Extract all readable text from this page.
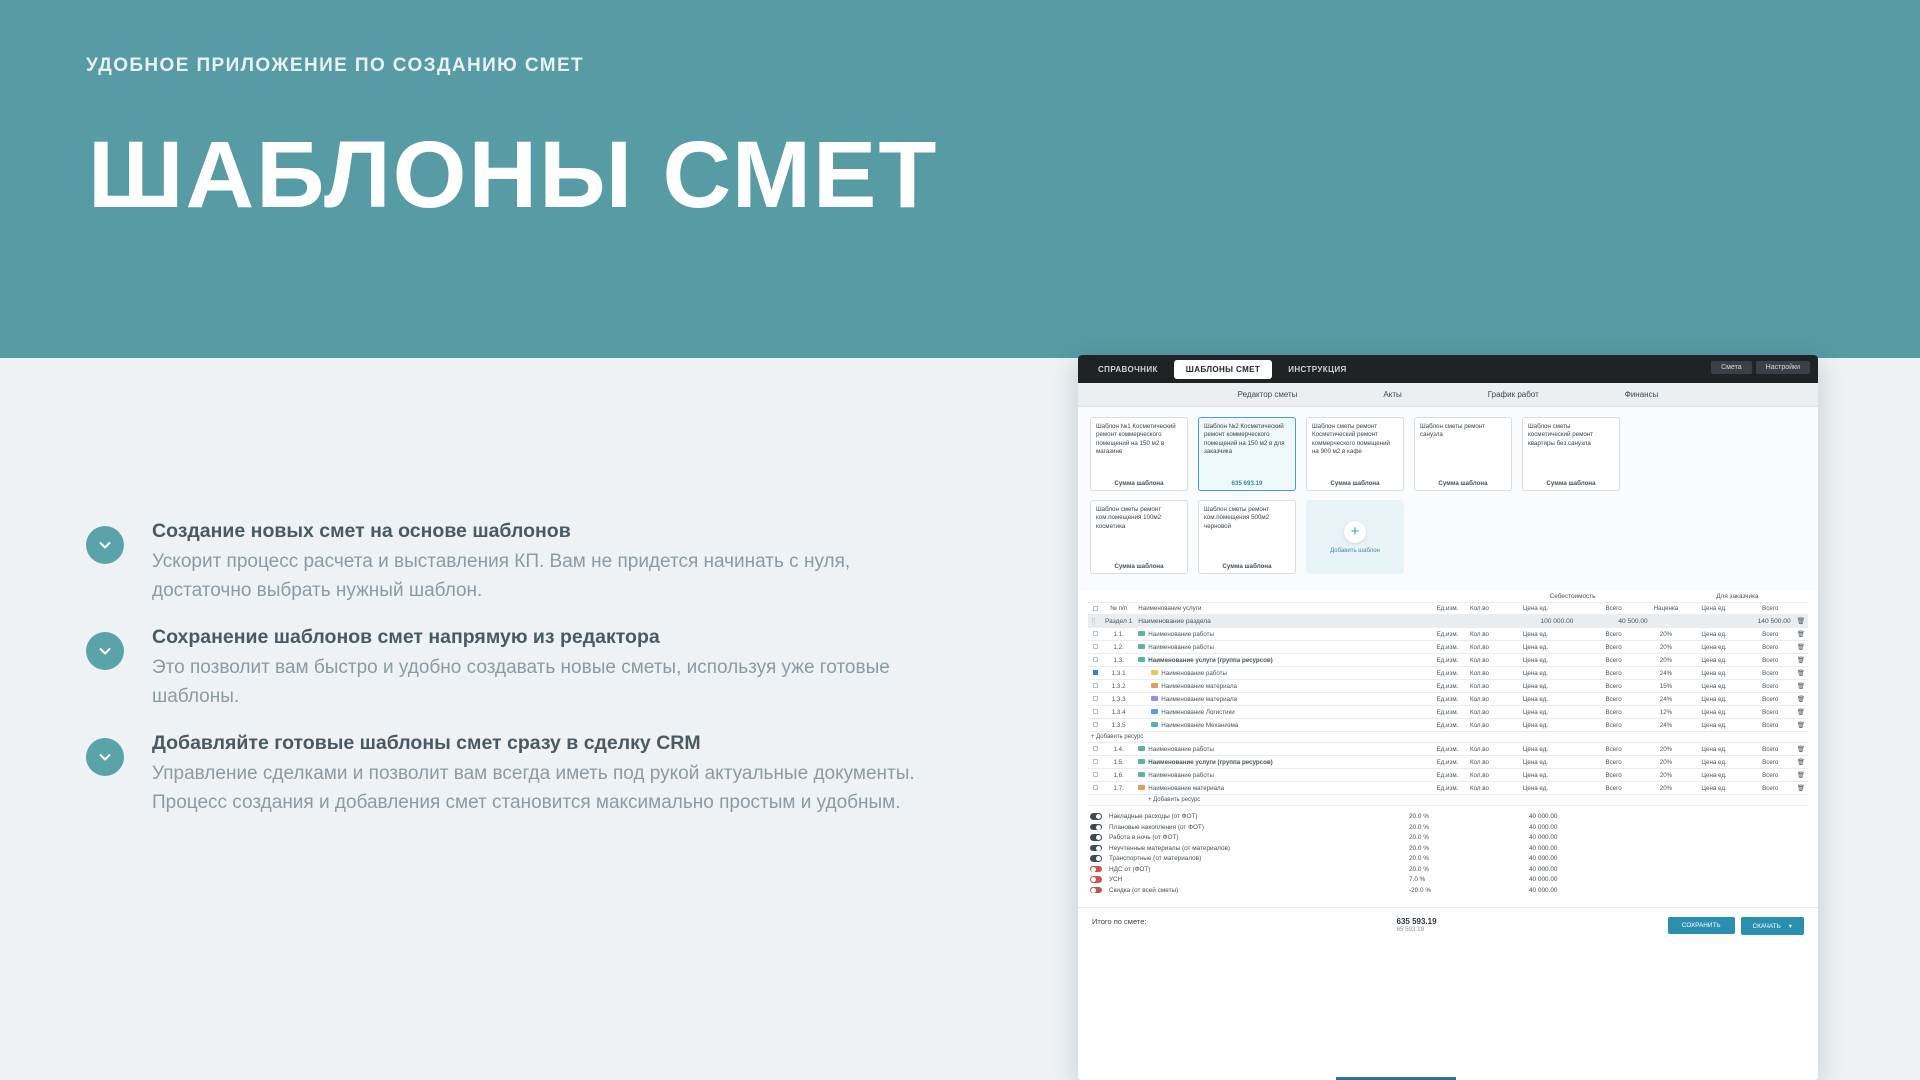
УДОБНОЕ ПРИЛОЖЕНИЕ ПО СОЗДАНИЮ СМЕТ
ШАБЛОНЫ СМЕТ
Создание новых смет на основе шаблонов
Ускорит процесс расчета и выставления КП. Вам не придется начинать с нуля, достаточно выбрать нужный шаблон.
Сохранение шаблонов смет напрямую из редактора
Это позволит вам быстро и удобно создавать новые сметы, используя уже готовые шаблоны.
Добавляйте готовые шаблоны смет сразу в сделку CRM
Управление сделками и позволит вам всегда иметь под рукой актуальные документы. Процесс создания и добавления смет становится максимально простым и удобным.
СПРАВОЧНИК	ШАБЛОНЫ СМЕТ	ИНСТРУКЦИЯ	Смета	Настройки
Редактор сметы	Акты	График работ	Финансы
Шаблон №1 Косметический ремонт коммерческого помещений на 150 м2 в магазине
Сумма шаблона
Шаблон №2 Косметический ремонт коммерческого помещений на 150 м2 в для заказчика
635 693.19
Шаблон сметы ремонт Косметический ремонт коммерческого помещений на 900 м2 в кафе
Сумма шаблона
Шаблон сметы ремонт санузла
Сумма шаблона
Шаблон сметы косметический ремонт квартиры без санузла
Сумма шаблона
Шаблон сметы ремонт ком.помещения 100м2 косметика
Сумма шаблона
Шаблон сметы ремонт ком.помещения 500м2 черновой
Сумма шаблона
+
Добавить шаблон
					Себестоимость			Для заказчика		
	№ п/п	Наименование услуги	Ед.изм.	Кол.во	Цена ед.	Всего	Наценка	Цена ед.	Всего	
⣿	Раздел 1	Наименование раздела			100 000.00	40 500.00		140 500.00		🗑
	1.1.	Наименование работы	Ед.изм.	Кол.во	Цена ед.	Всего	20%	Цена ед.	Всего	🗑
	1.2.	Наименование работы	Ед.изм.	Кол.во	Цена ед.	Всего	20%	Цена ед.	Всего	🗑
	1.3.	Наименование услуги (группа ресурсов)	Ед.изм.	Кол.во	Цена ед.	Всего	20%	Цена ед.	Всего	🗑
	1.3.1	Наименование работы	Ед.изм.	Кол.во	Цена ед.	Всего	24%	Цена ед.	Всего	🗑
	1.3.2	Наименование материала	Ед.изм.	Кол.во	Цена ед.	Всего	15%	Цена ед.	Всего	🗑
	1.3.3	Наименование материала	Ед.изм.	Кол.во	Цена ед.	Всего	24%	Цена ед.	Всего	🗑
	1.3.4	Наименование Логистики	Ед.изм.	Кол.во	Цена ед.	Всего	12%	Цена ед.	Всего	🗑
	1.3.5	Наименование Механизма	Ед.изм.	Кол.во	Цена ед.	Всего	24%	Цена ед.	Всего	🗑
+ Добавить ресурс										
	1.4.	Наименование работы	Ед.изм.	Кол.во	Цена ед.	Всего	20%	Цена ед.	Всего	🗑
	1.5.	Наименование услуги (группа ресурсов)	Ед.изм.	Кол.во	Цена ед.	Всего	20%	Цена ед.	Всего	🗑
	1.6.	Наименование работы	Ед.изм.	Кол.во	Цена ед.	Всего	20%	Цена ед.	Всего	🗑
	1.7.	Наименование материала	Ед.изм.	Кол.во	Цена ед.	Всего	20%	Цена ед.	Всего	🗑
+ Добавить ресурс										
Накладные расходы (от ФОТ)	20.0 %	40 000.00
Плановые накопления (от ФОТ)	20.0 %	40 000.00
Работа в ночь (от ФОТ)	20.0 %	40 000.00
Неучтенные материалы (от материалов)	20.0 %	40 000.00
Транспортные (от материалов)	20.0 %	40 000.00
НДС от (ФОТ)	20.0 %	40 000.00
УСН	7.0 %	40 000.00
Скидка (от всей сметы)	-20.0 %	40 000.00
Итого по смете:	635 593.19
65 593.19
СОХРАНИТЬ	СКАЧАТЬ ▾
